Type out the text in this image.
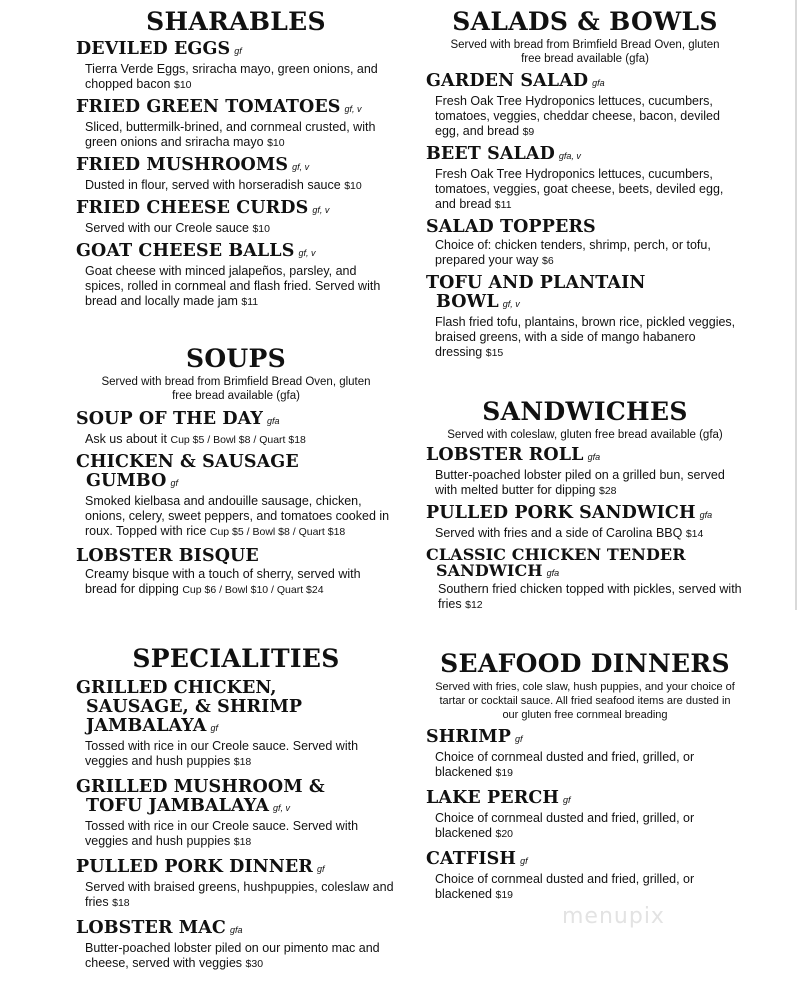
SHARABLES
DEVILED EGGS gf
Tierra Verde Eggs, sriracha mayo, green onions, and chopped bacon $10
FRIED GREEN TOMATOES gf, v
Sliced, buttermilk-brined, and cornmeal crusted, with green onions and sriracha mayo $10
FRIED MUSHROOMS gf, v
Dusted in flour, served with horseradish sauce $10
FRIED CHEESE CURDS gf, v
Served with our Creole sauce $10
GOAT CHEESE BALLS gf, v
Goat cheese with minced jalapeños, parsley, and spices, rolled in cornmeal and flash fried. Served with bread and locally made jam $11
SOUPS
Served with bread from Brimfield Bread Oven, gluten free bread available (gfa)
SOUP OF THE DAY gfa
Ask us about it Cup $5 / Bowl $8 / Quart $18
CHICKEN & SAUSAGE
GUMBO gf
Smoked kielbasa and andouille sausage, chicken, onions, celery, sweet peppers, and tomatoes cooked in roux. Topped with rice Cup $5 / Bowl $8 / Quart $18
LOBSTER BISQUE
Creamy bisque with a touch of sherry, served with bread for dipping Cup $6 / Bowl $10 / Quart $24
SPECIALITIES
GRILLED CHICKEN,
SAUSAGE, & SHRIMP
JAMBALAYA gf
Tossed with rice in our Creole sauce. Served with veggies and hush puppies $18
GRILLED MUSHROOM &
TOFU JAMBALAYA gf, v
Tossed with rice in our Creole sauce. Served with veggies and hush puppies $18
PULLED PORK DINNER gf
Served with braised greens, hushpuppies, coleslaw and fries $18
LOBSTER MAC gfa
Butter-poached lobster piled on our pimento mac and cheese, served with veggies $30
SALADS & BOWLS
Served with bread from Brimfield Bread Oven, gluten free bread available (gfa)
GARDEN SALAD gfa
Fresh Oak Tree Hydroponics lettuces, cucumbers, tomatoes, veggies, cheddar cheese, bacon, deviled egg, and bread $9
BEET SALAD gfa, v
Fresh Oak Tree Hydroponics lettuces, cucumbers, tomatoes, veggies, goat cheese, beets, deviled egg, and bread $11
SALAD TOPPERS
Choice of: chicken tenders, shrimp, perch, or tofu, prepared your way $6
TOFU AND PLANTAIN
BOWL gf, v
Flash fried tofu, plantains, brown rice, pickled veggies, braised greens, with a side of mango habanero dressing $15
SANDWICHES
Served with coleslaw, gluten free bread available (gfa)
LOBSTER ROLL gfa
Butter-poached lobster piled on a grilled bun, served with melted butter for dipping $28
PULLED PORK SANDWICH gfa
Served with fries and a side of Carolina BBQ $14
CLASSIC CHICKEN TENDER
SANDWICH gfa
Southern fried chicken topped with pickles, served with fries $12
SEAFOOD DINNERS
Served with fries, cole slaw, hush puppies, and your choice of tartar or cocktail sauce. All fried seafood items are dusted in our gluten free cornmeal breading
SHRIMP gf
Choice of cornmeal dusted and fried, grilled, or blackened $19
LAKE PERCH gf
Choice of cornmeal dusted and fried, grilled, or blackened $20
CATFISH gf
Choice of cornmeal dusted and fried, grilled, or blackened $19
menupix
